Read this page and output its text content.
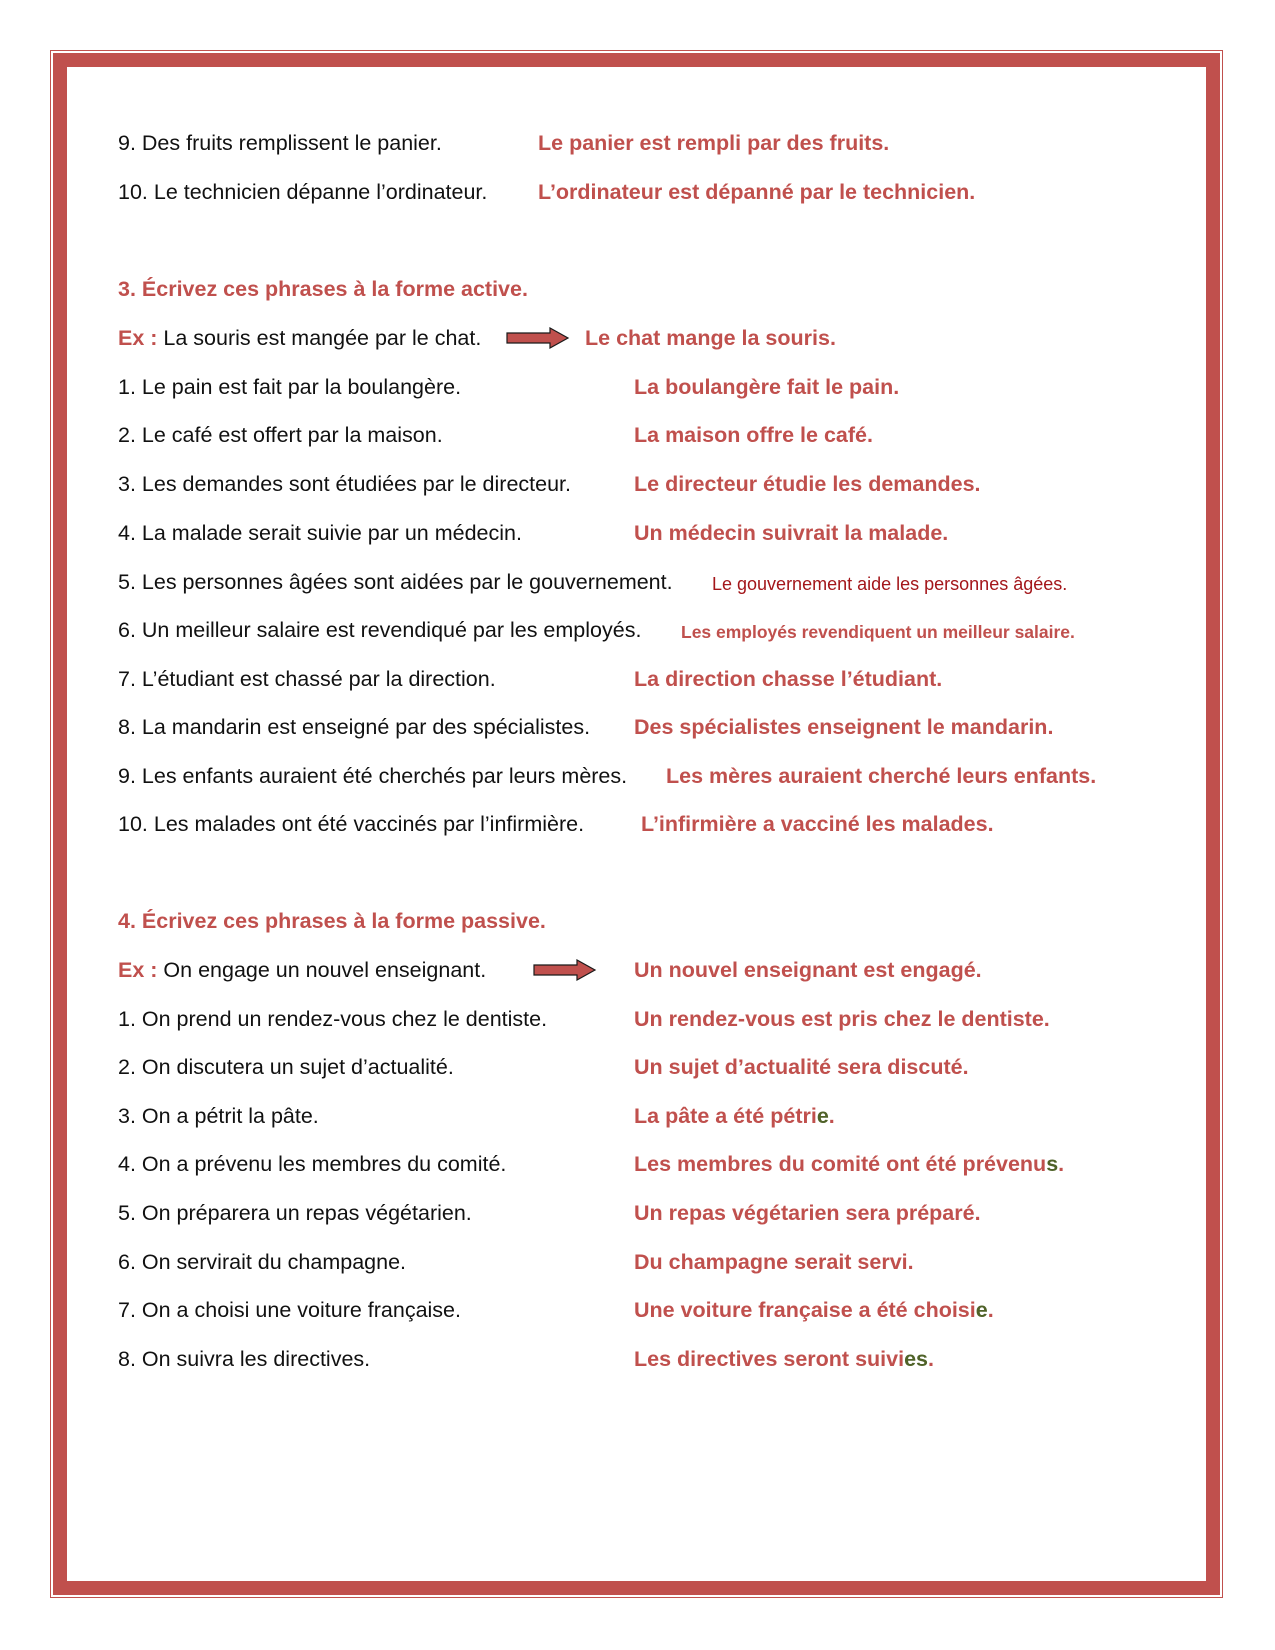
9. Des fruits remplissent le panier.	Le panier est rempli par des fruits.
10. Le technicien dépanne l’ordinateur. L’ordinateur est dépanné par le technicien.
3. Écrivez ces phrases à la forme active.
Ex : La souris est mangée par le chat.	Le chat mange la souris.
1. Le pain est fait par la boulangère.	La boulangère fait le pain.
2. Le café est offert par la maison.	La maison offre le café.
3. Les demandes sont étudiées par le directeur.	Le directeur étudie les demandes.
4. La malade serait suivie par un médecin.	Un médecin suivrait la malade.
5. Les personnes âgées sont aidées par le gouvernement. Le gouvernement aide les personnes âgées.
6. Un meilleur salaire est revendiqué par les employés. Les employés revendiquent un meilleur salaire.
7. L’étudiant est chassé par la direction.	La direction chasse l’étudiant.
8. La mandarin est enseigné par des spécialistes. Des spécialistes enseignent le mandarin.
9. Les enfants auraient été cherchés par leurs mères. Les mères auraient cherché leurs enfants.
10. Les malades ont été vaccinés par l’infirmière.	L’infirmière a vacciné les malades.
4. Écrivez ces phrases à la forme passive.
Ex : On engage un nouvel enseignant.	Un nouvel enseignant est engagé.
1. On prend un rendez-vous chez le dentiste.	Un rendez-vous est pris chez le dentiste.
2. On discutera un sujet d’actualité.	Un sujet d’actualité sera discuté.
3. On a pétrit la pâte.	La pâte a été pétrie.
4. On a prévenu les membres du comité.	Les membres du comité ont été prévenus.
5. On préparera un repas végétarien.	Un repas végétarien sera préparé.
6. On servirait du champagne.	Du champagne serait servi.
7. On a choisi une voiture française.	Une voiture française a été choisie.
8. On suivra les directives.	Les directives seront suivies.
